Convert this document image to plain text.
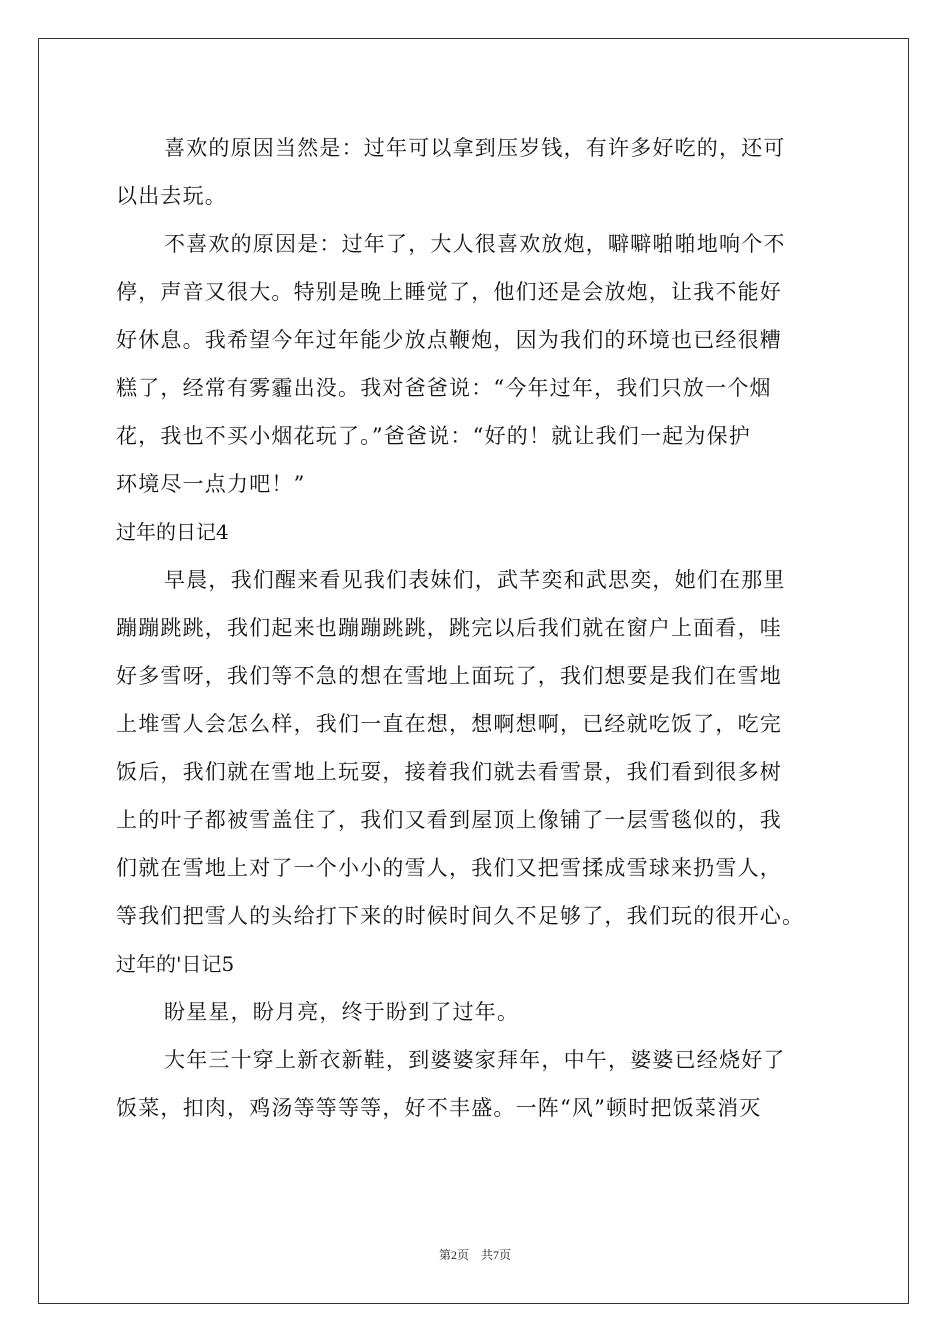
喜欢的原因当然是：过年可以拿到压岁钱，有许多好吃的，还可
以出去玩。
不喜欢的原因是：过年了，大人很喜欢放炮，噼噼啪啪地响个不
停，声音又很大。特别是晚上睡觉了，他们还是会放炮，让我不能好
好休息。我希望今年过年能少放点鞭炮，因为我们的环境也已经很糟
糕了，经常有雾霾出没。我对爸爸说：“今年过年，我们只放一个烟
花，我也不买小烟花玩了。”爸爸说：“好的！就让我们一起为保护
环境尽一点力吧！”
过年的日记4
早晨，我们醒来看见我们表妹们，武芊奕和武思奕，她们在那里
蹦蹦跳跳，我们起来也蹦蹦跳跳，跳完以后我们就在窗户上面看，哇
好多雪呀，我们等不急的想在雪地上面玩了，我们想要是我们在雪地
上堆雪人会怎么样，我们一直在想，想啊想啊，已经就吃饭了，吃完
饭后，我们就在雪地上玩耍，接着我们就去看雪景，我们看到很多树
上的叶子都被雪盖住了，我们又看到屋顶上像铺了一层雪毯似的，我
们就在雪地上对了一个小小的雪人，我们又把雪揉成雪球来扔雪人，
等我们把雪人的头给打下来的时候时间久不足够了，我们玩的很开心。
过年的'日记5
盼星星，盼月亮，终于盼到了过年。
大年三十穿上新衣新鞋，到婆婆家拜年，中午，婆婆已经烧好了
饭菜，扣肉，鸡汤等等等等，好不丰盛。一阵“风”顿时把饭菜消灭
第2页　共7页
